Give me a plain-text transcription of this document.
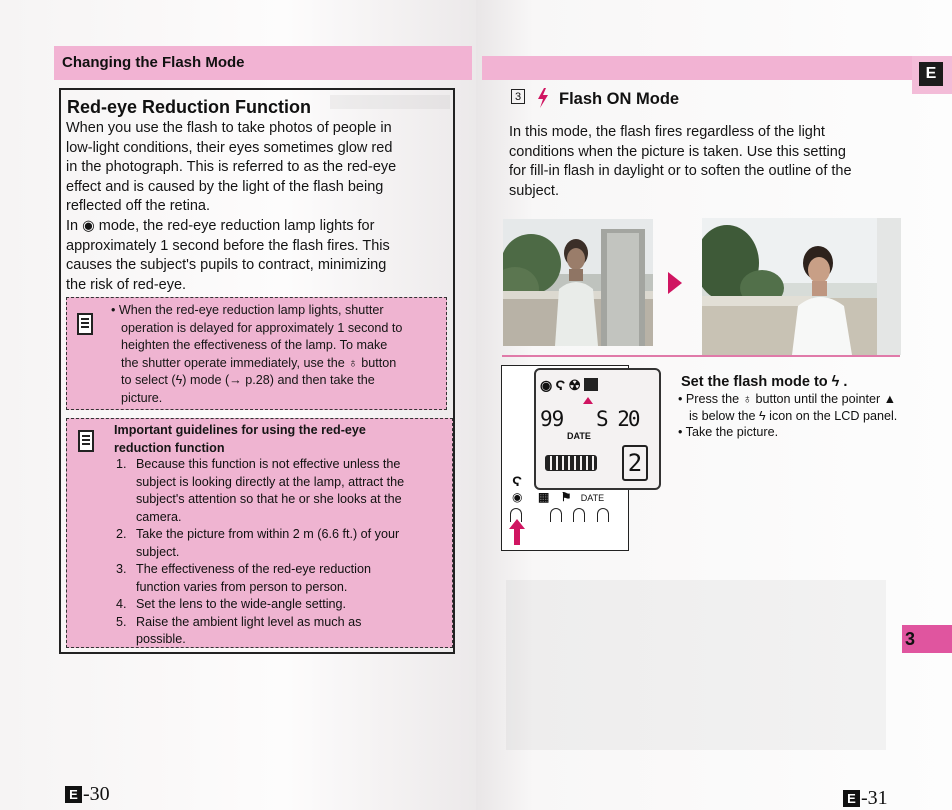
Changing the Flash Mode
E
3
Red-eye Reduction Function
When you use the flash to take photos of people in
low-light conditions, their eyes sometimes glow red
in the photograph. This is referred to as the red-eye
effect and is caused by the light of the flash being
reflected off the retina.
In ◉ mode, the red-eye reduction lamp lights for
approximately 1 second before the flash fires. This
causes the subject's pupils to contract, minimizing
the risk of red-eye.
• When the red-eye reduction lamp lights, shutter
operation is delayed for approximately 1 second to
heighten the effectiveness of the lamp. To make
the shutter operate immediately, use the ♁ button
to select (ϟ) mode (→ p.28) and then take the
picture.
Important guidelines for using the red-eye
reduction function
1. Because this function is not effective unless the
subject is looking directly at the lamp, attract the
subject's attention so that he or she looks at the
camera.
2. Take the picture from within 2 m (6.6 ft.) of your
subject.
3. The effectiveness of the red-eye reduction
function varies from person to person.
4. Set the lens to the wide-angle setting.
5. Raise the ambient light level as much as
possible.
E -30
3 Flash ON Mode
In this mode, the flash fires regardless of the light
conditions when the picture is taken. Use this setting
for fill-in flash in daylight or to soften the outline of the
subject.
◉Ϛ☢
99 S 20
DATE
2
Ϛ
◉ ▦ ⚑ DATE
Set the flash mode to ϟ .
• Press the ♁ button until the pointer ▲ is below the ϟ icon on the LCD panel.
• Take the picture.
E -31
